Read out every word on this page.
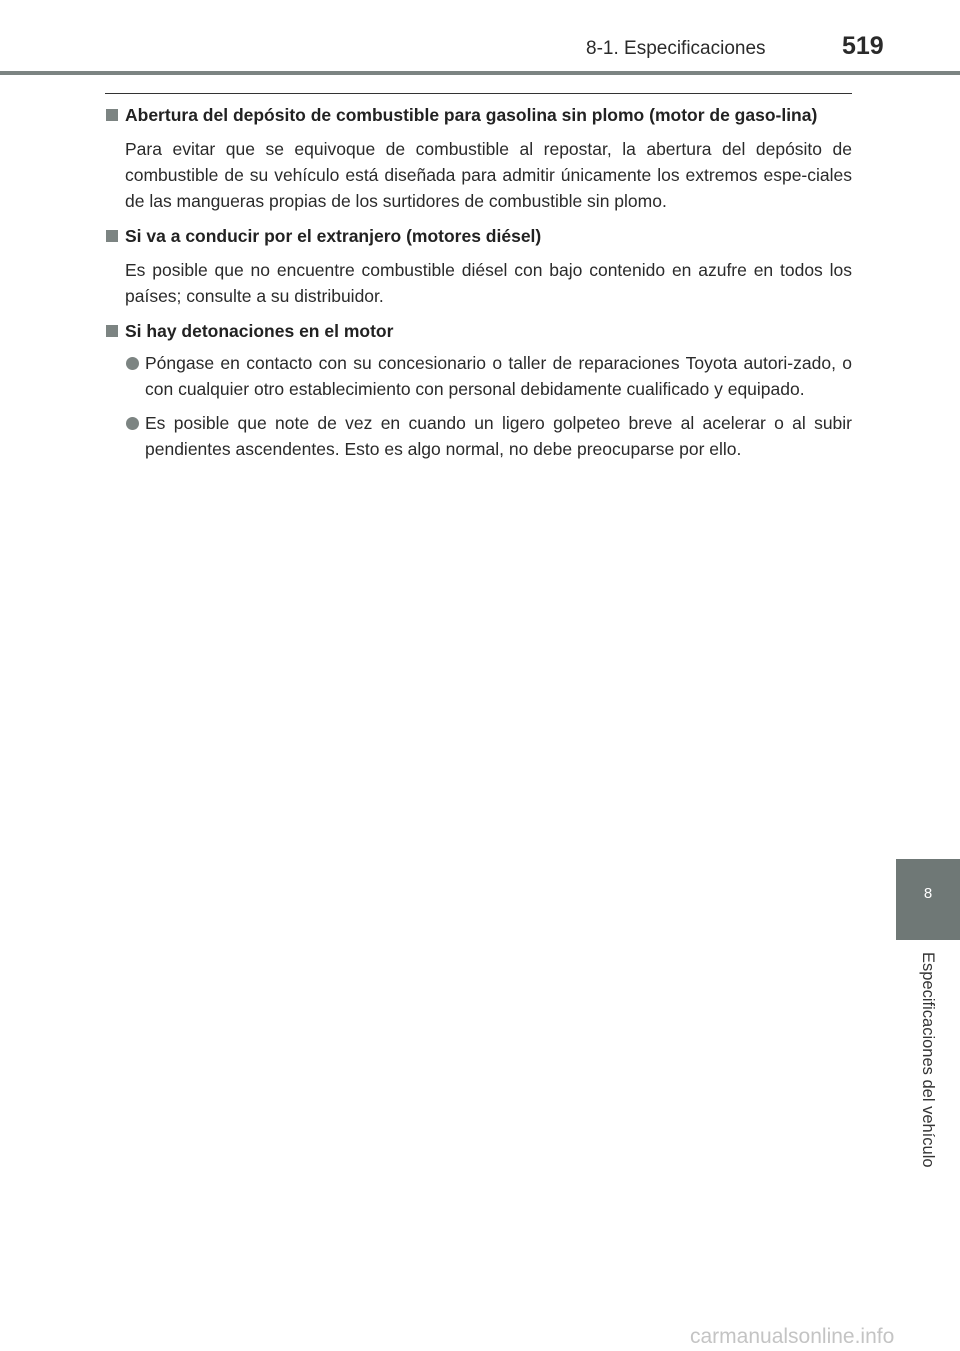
8-1. Especificaciones	519
Abertura del depósito de combustible para gasolina sin plomo (motor de gaso-lina)

Para evitar que se equivoque de combustible al repostar, la abertura del depósito de combustible de su vehículo está diseñada para admitir únicamente los extremos espe-ciales de las mangueras propias de los surtidores de combustible sin plomo.

Si va a conducir por el extranjero (motores diésel)

Es posible que no encuentre combustible diésel con bajo contenido en azufre en todos los países; consulte a su distribuidor.

Si hay detonaciones en el motor
Póngase en contacto con su concesionario o taller de reparaciones Toyota autori-zado, o con cualquier otro establecimiento con personal debidamente cualificado y equipado.
Es posible que note de vez en cuando un ligero golpeteo breve al acelerar o al subir pendientes ascendentes. Esto es algo normal, no debe preocuparse por ello.
8
Especificaciones del vehículo
carmanualsonline.info
